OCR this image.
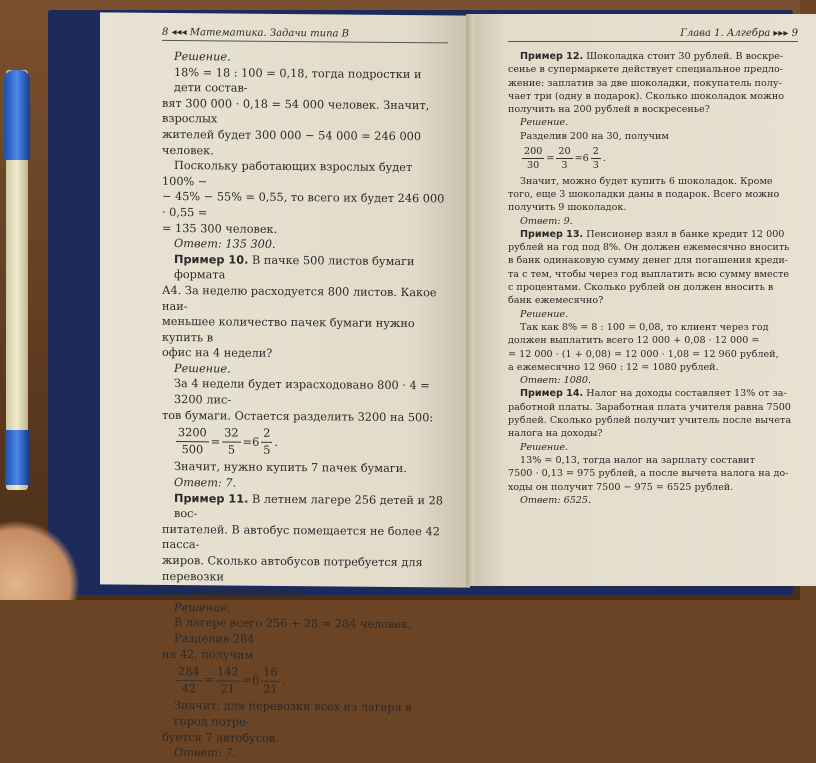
8 ◂◂◂ Математика. Задачи типа В

Решение.

18% = 18 : 100 = 0,18, тогда подростки и дети состав-

вят 300 000 · 0,18 = 54 000 человек. Значит, взрослых

жителей будет 300 000 − 54 000 = 246 000 человек.

Поскольку работающих взрослых будет 100% −

− 45% − 55% = 0,55, то всего их будет 246 000 · 0,55 =

= 135 300 человек.

Ответ: 135 300.

Пример 10. В пачке 500 листов бумаги формата

А4. За неделю расходуется 800 листов. Какое наи-

меньшее количество пачек бумаги нужно купить в

офис на 4 недели?

Решение.

За 4 недели будет израсходовано 800 · 4 = 3200 лис-

тов бумаги. Остается разделить 3200 на 500:

$\frac{3200}{500} = \frac{32}{5} = 6 \frac{2}{5}$ .

Значит, нужно купить 7 пачек бумаги.

Ответ: 7.

Пример 11. В летнем лагере 256 детей и 28 вос-

питателей. В автобус помещается не более 42 пасса-

жиров. Сколько автобусов потребуется для перевозки

всех из лагеря в город?

Решение.

В лагере всего 256 + 28 = 284 человек. Разделив 284

на 42, получим

$\frac{284}{42} = \frac{142}{21} = 6 \frac{16}{21}$ .

Значит, для перевозки всех из лагеря в город потре-

буется 7 автобусов.

Ответ: 7.

Глава 1. Алгебра ▸▸▸ 9

Пример 12. Шоколадка стоит 30 рублей. В воскре-

сенье в супермаркете действует специальное предло-

жение: заплатив за две шоколадки, покупатель полу-

чает три (одну в подарок). Сколько шоколадок можно

получить на 200 рублей в воскресенье?

Решение.

Разделив 200 на 30, получим

$\frac{200}{30} = \frac{20}{3} = 6 \frac{2}{3}$ .

Значит, можно будет купить 6 шоколадок. Кроме

того, еще 3 шоколадки даны в подарок. Всего можно

получить 9 шоколадок.

Ответ: 9.

Пример 13. Пенсионер взял в банке кредит 12 000

рублей на год под 8%. Он должен ежемесячно вносить

в банк одинаковую сумму денег для погашения креди-

та с тем, чтобы через год выплатить всю сумму вместе

с процентами. Сколько рублей он должен вносить в

банк ежемесячно?

Решение.

Так как 8% = 8 : 100 = 0,08, то клиент через год

должен выплатить всего 12 000 + 0,08 · 12 000 =

= 12 000 · (1 + 0,08) = 12 000 · 1,08 = 12 960 рублей,

а ежемесячно 12 960 : 12 = 1080 рублей.

Ответ: 1080.

Пример 14. Налог на доходы составляет 13% от за-

работной платы. Заработная плата учителя равна 7500

рублей. Сколько рублей получит учитель после вычета

налога на доходы?

Решение.

13% = 0,13, тогда налог на зарплату составит

7500 · 0,13 = 975 рублей, а после вычета налога на до-

ходы он получит 7500 − 975 = 6525 рублей.

Ответ: 6525.
